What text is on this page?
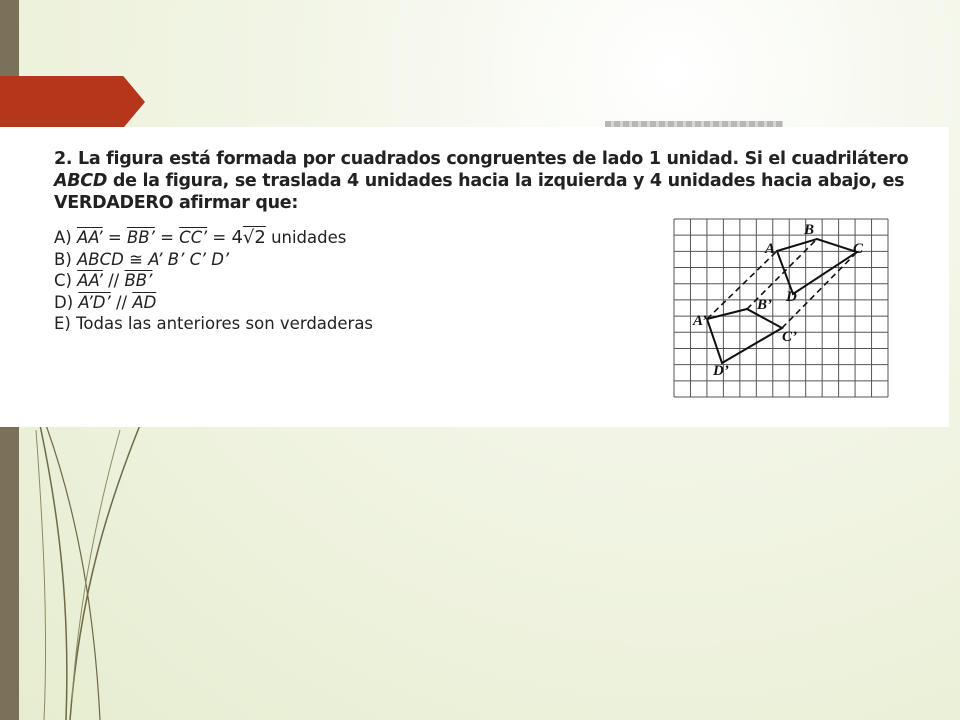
2. La figura está formada por cuadrados congruentes de lado 1 unidad. Si el cuadrilátero ABCD de la figura, se traslada 4 unidades hacia la izquierda y 4 unidades hacia abajo, es VERDADERO afirmar que:
A) AA’ = BB’ = CC’ = 4√2 unidades
B) ABCD ≅ A’ B’ C’ D’
C) AA’ // BB’
D) A’D’ // $\overline{AD}$
E) Todas las anteriores son verdaderas
A
B
C
D
A’
B’
C’
D’
